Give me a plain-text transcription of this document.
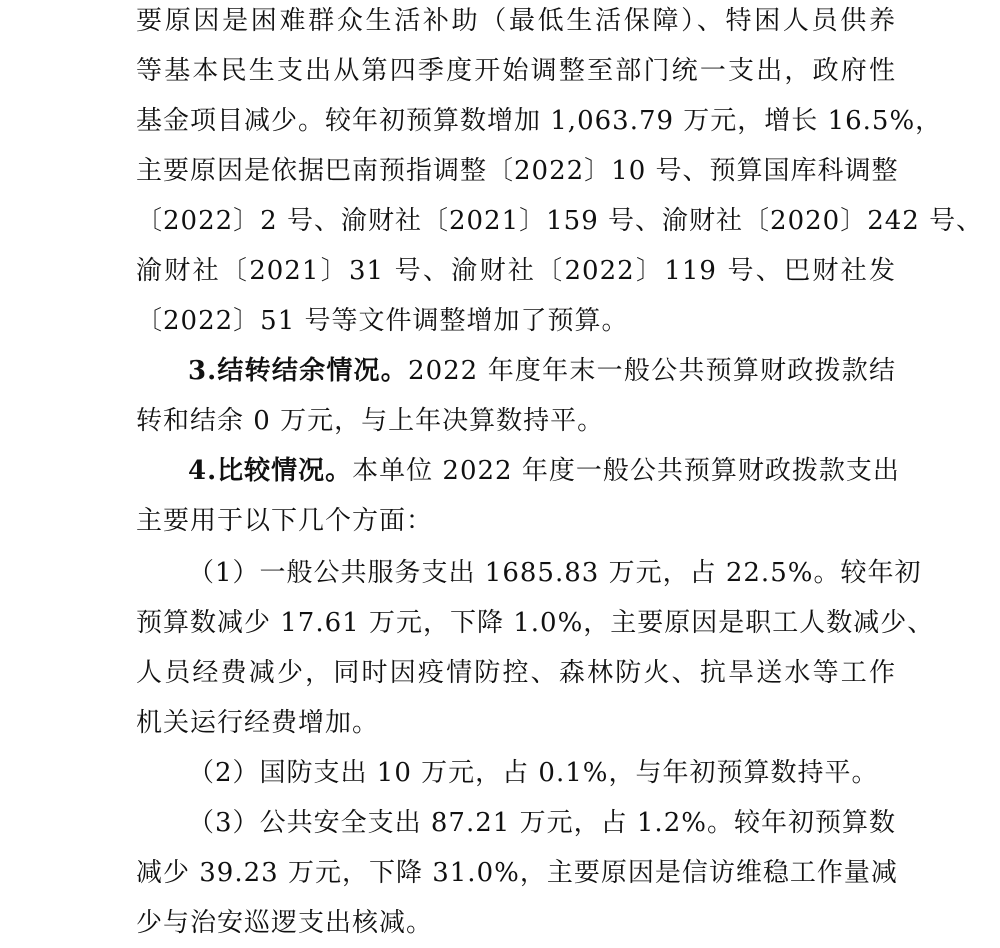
要原因是困难群众生活补助（最低生活保障）、特困人员供养
等基本民生支出从第四季度开始调整至部门统一支出，政府性
基金项目减少。较年初预算数增加 1,063.79 万元，增长 16.5%，
主要原因是依据巴南预指调整〔2022〕10 号、预算国库科调整
〔2022〕2 号、渝财社〔2021〕159 号、渝财社〔2020〕242 号、
渝财社〔2021〕31 号、渝财社〔2022〕119 号、巴财社发
〔2022〕51 号等文件调整增加了预算。
3.结转结余情况。2022 年度年末一般公共预算财政拨款结
转和结余 0 万元，与上年决算数持平。
4.比较情况。本单位 2022 年度一般公共预算财政拨款支出
主要用于以下几个方面：
（1）一般公共服务支出 1685.83 万元，占 22.5%。较年初
预算数减少 17.61 万元，下降 1.0%，主要原因是职工人数减少、
人员经费减少，同时因疫情防控、森林防火、抗旱送水等工作
机关运行经费增加。
（2）国防支出 10 万元，占 0.1%，与年初预算数持平。
（3）公共安全支出 87.21 万元，占 1.2%。较年初预算数
减少 39.23 万元，下降 31.0%，主要原因是信访维稳工作量减
少与治安巡逻支出核减。
